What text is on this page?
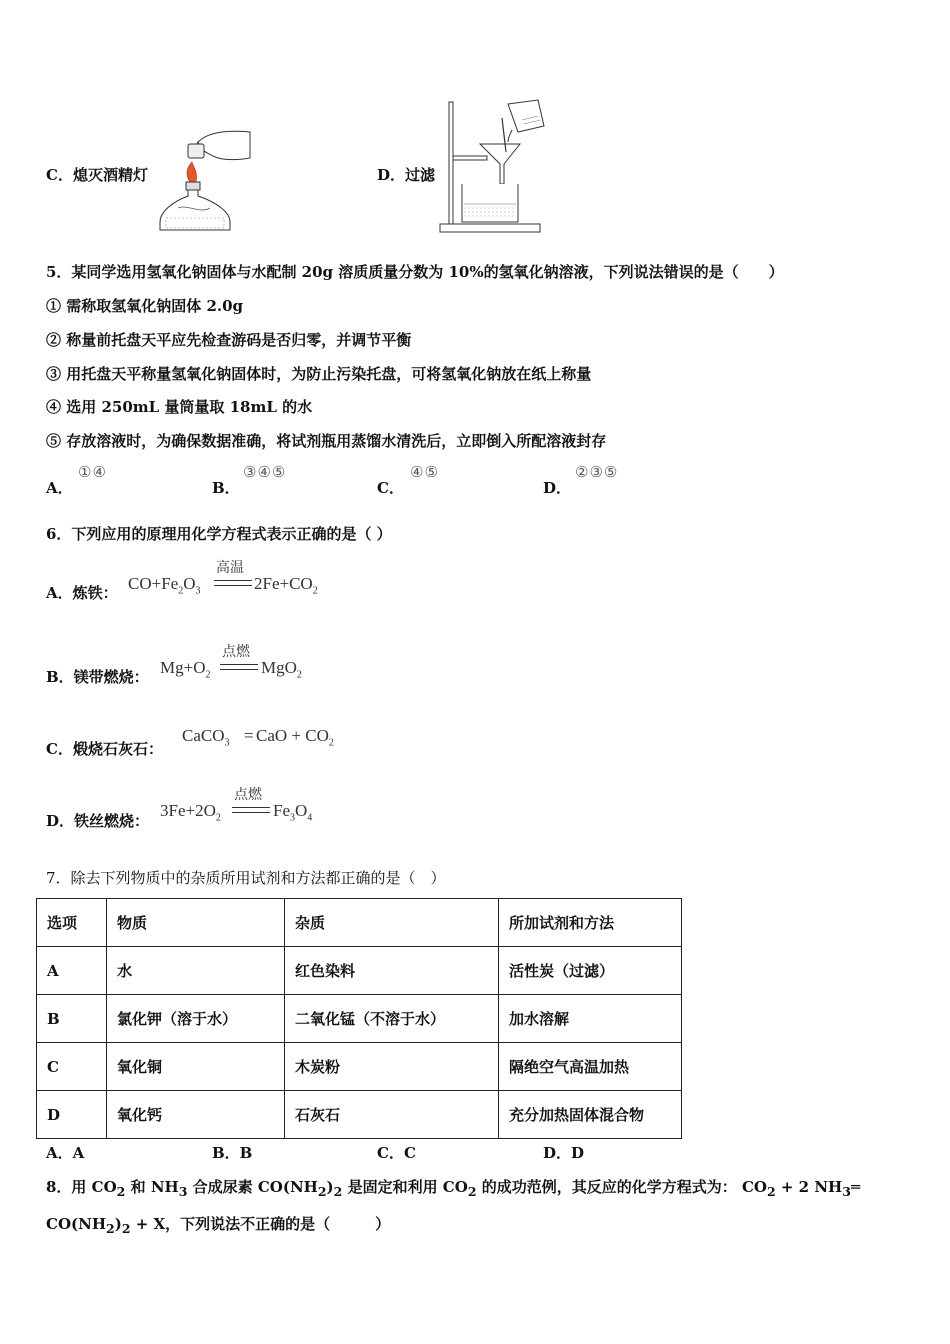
C．熄灭酒精灯	D．过滤
5．某同学选用氢氧化钠固体与水配制 20g 溶质质量分数为 10%的氢氧化钠溶液，下列说法错误的是（　　）
① 需称取氢氧化钠固体 2.0g
② 称量前托盘天平应先检查游码是否归零，并调节平衡
③ 用托盘天平称量氢氧化钠固体时，为防止污染托盘，可将氢氧化钠放在纸上称量
④ 选用 250mL 量筒量取 18mL 的水
⑤ 存放溶液时，为确保数据准确，将试剂瓶用蒸馏水清洗后，立即倒入所配溶液封存
A．
①④
B．
③④⑤
C．
④⑤
D．
②③⑤
6．下列应用的原理用化学方程式表示正确的是（ ）
A．炼铁： $CO+Fe_2O_3$
高温
$2Fe+CO_2$
B．镁带燃烧： $Mg+O_2$
点燃
MgO$_2$
C．煅烧石灰石：
CaCO$_3$ = CaO + $CO_2$
D．铁丝燃烧：
$3Fe+2O_2$
点燃
$Fe_3O_4$
7．除去下列物质中的杂质所用试剂和方法都正确的是（　）
选项	物质	杂质	所加试剂和方法
A	水	红色染料	活性炭（过滤）
B	氯化钾（溶于水）	二氧化锰（不溶于水）	加水溶解
C	氧化铜	木炭粉	隔绝空气高温加热
D	氧化钙	石灰石	充分加热固体混合物
A．A	B．B	C．C	D．D
8．用 $CO_2$ 和 $NH_3$ 合成尿素 $CO(NH_2)_2$ 是固定和利用 $CO_2$ 的成功范例，其反应的化学方程式为： $CO_2 + 2$ $NH_3═$
$CO(NH_2)_2 + X$，下列说法不正确的是（　　　）
